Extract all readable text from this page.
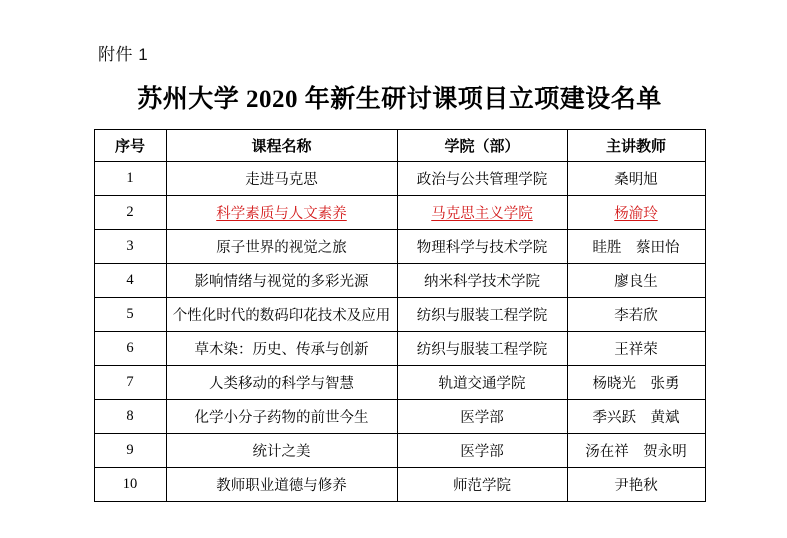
附件 1
苏州大学 2020 年新生研讨课项目立项建设名单
序号	课程名称	学院（部）	主讲教师
1	走进马克思	政治与公共管理学院	桑明旭
2	科学素质与人文素养	马克思主义学院	杨渝玲
3	原子世界的视觉之旅	物理科学与技术学院	眭胜　蔡田怡
4	影响情绪与视觉的多彩光源	纳米科学技术学院	廖良生
5	个性化时代的数码印花技术及应用	纺织与服装工程学院	李若欣
6	草木染：历史、传承与创新	纺织与服装工程学院	王祥荣
7	人类移动的科学与智慧	轨道交通学院	杨晓光　张勇
8	化学小分子药物的前世今生	医学部	季兴跃　黄斌
9	统计之美	医学部	汤在祥　贺永明
10	教师职业道德与修养	师范学院	尹艳秋
